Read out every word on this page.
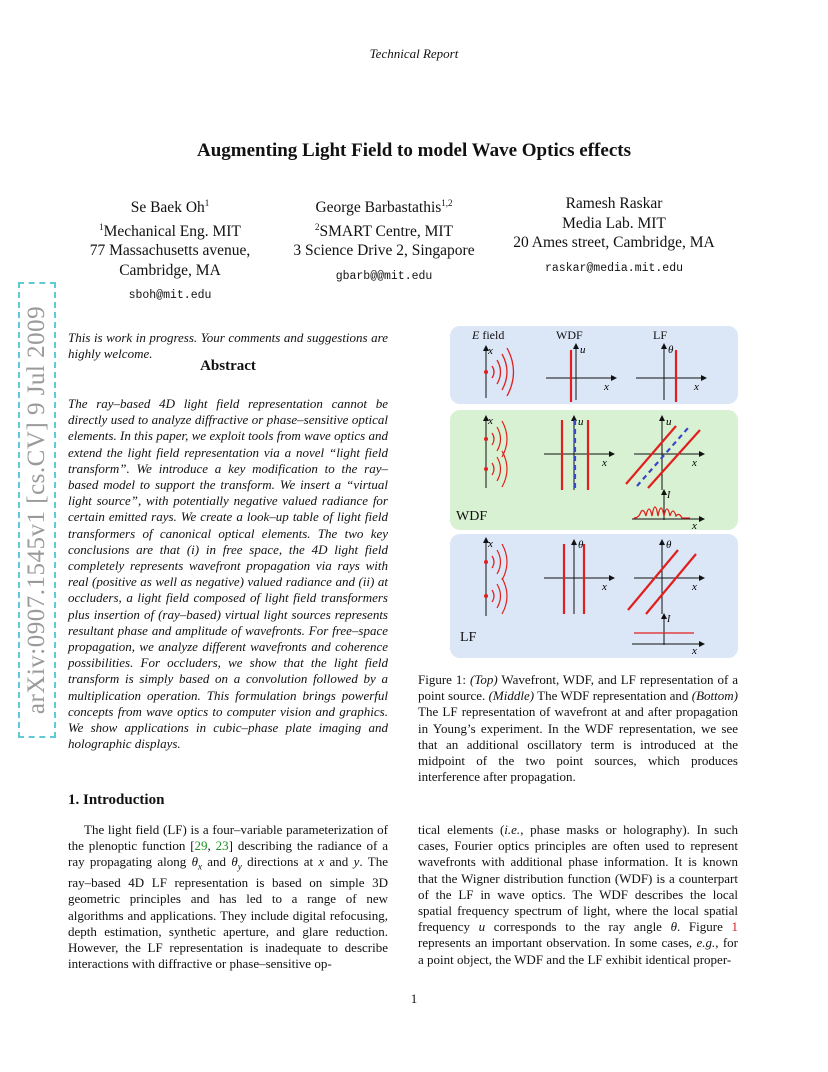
Technical Report
Augmenting Light Field to model Wave Optics effects
Se Baek Oh$^1$
$^1$Mechanical Eng. MIT
77 Massachusetts avenue,
Cambridge, MA
sboh@mit.edu
George Barbastathis$^{1,2}$
$^2$SMART Centre, MIT
3 Science Drive 2, Singapore
gbarb@@mit.edu
Ramesh Raskar
Media Lab. MIT
20 Ames street, Cambridge, MA
raskar@media.mit.edu
arXiv:0907.1545v1 [cs.CV] 9 Jul 2009 This is work in progress. Your comments and suggestions are highly welcome.
Abstract
The ray–based 4D light field representation cannot be directly used to analyze diffractive or phase–sensitive optical elements. In this paper, we exploit tools from wave optics and extend the light field representation via a novel “light field transform”. We introduce a key modification to the ray–based model to support the transform. We insert a “virtual light source”, with potentially negative valued radiance for certain emitted rays. We create a look–up table of light field transformers of canonical optical elements. The two key conclusions are that (i) in free space, the 4D light field completely represents wavefront propagation via rays with real (positive as well as negative) valued radiance and (ii) at occluders, a light field composed of light field transformers plus insertion of (ray–based) virtual light sources represents resultant phase and amplitude of wavefronts. For free–space propagation, we analyze different wavefronts and coherence possibilities. For occluders, we show that the light field transform is simply based on a convolution followed by a multiplication operation. This formulation brings powerful concepts from wave optics to computer vision and graphics. We show applications in cubic–phase plate imaging and holographic displays.
1. Introduction
The light field (LF) is a four–variable parameterization of the plenoptic function [29, 23] describing the radiance of a ray propagating along $\theta_x$ and $\theta_y$ directions at x and y. The ray–based 4D LF representation is based on simple 3D geometric principles and has led to a range of new algorithms and applications. They include digital refocusing, depth estimation, synthetic aperture, and glare reduction. However, the LF representation is inadequate to describe interactions with diffractive or phase–sensitive op-
E field	WDF	LF
WDF
LF
x	u
x
θ
x
x	u
x
u
x
I
x
x	θ
x
θ
x
I
x
Figure 1: (Top) Wavefront, WDF, and LF representation of a point source. (Middle) The WDF representation and (Bottom) The LF representation of wavefront at and after propagation in Young’s experiment. In the WDF representation, we see that an additional oscillatory term is introduced at the midpoint of the two point sources, which produces interference after propagation.
tical elements (i.e., phase masks or holography). In such cases, Fourier optics principles are often used to represent wavefronts with additional phase information. It is known that the Wigner distribution function (WDF) is a counterpart of the LF in wave optics. The WDF describes the local spatial frequency spectrum of light, where the local spatial frequency u corresponds to the ray angle θ. Figure 1 represents an important observation. In some cases, e.g., for a point object, the WDF and the LF exhibit identical proper-
1
